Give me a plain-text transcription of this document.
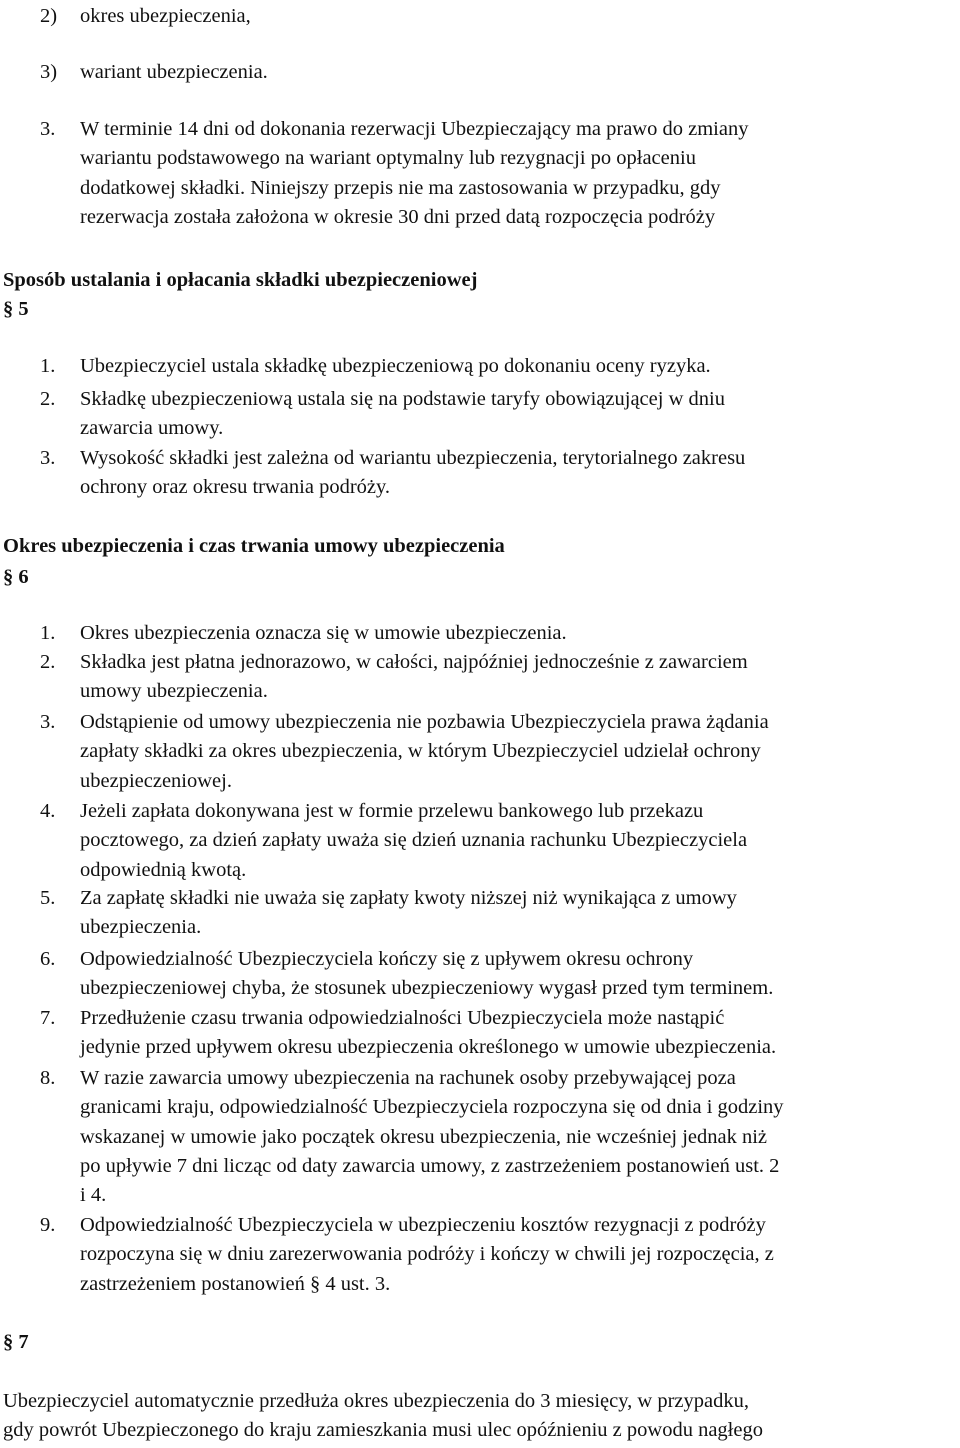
2) okres ubezpieczenia,
3) wariant ubezpieczenia.
3. W terminie 14 dni od dokonania rezerwacji Ubezpieczający ma prawo do zmiany
wariantu podstawowego na wariant optymalny lub rezygnacji po opłaceniu
dodatkowej składki. Niniejszy przepis nie ma zastosowania w przypadku, gdy
rezerwacja została założona w okresie 30 dni przed datą rozpoczęcia podróży
Sposób ustalania i opłacania składki ubezpieczeniowej
§ 5
1. Ubezpieczyciel ustala składkę ubezpieczeniową po dokonaniu oceny ryzyka.
2. Składkę ubezpieczeniową ustala się na podstawie taryfy obowiązującej w dniu
zawarcia umowy.
3. Wysokość składki jest zależna od wariantu ubezpieczenia, terytorialnego zakresu
ochrony oraz okresu trwania podróży.
Okres ubezpieczenia i czas trwania umowy ubezpieczenia
§ 6
1. Okres ubezpieczenia oznacza się w umowie ubezpieczenia.
2. Składka jest płatna jednorazowo, w całości, najpóźniej jednocześnie z zawarciem
umowy ubezpieczenia.
3. Odstąpienie od umowy ubezpieczenia nie pozbawia Ubezpieczyciela prawa żądania
zapłaty składki za okres ubezpieczenia, w którym Ubezpieczyciel udzielał ochrony
ubezpieczeniowej.
4. Jeżeli zapłata dokonywana jest w formie przelewu bankowego lub przekazu
pocztowego, za dzień zapłaty uważa się dzień uznania rachunku Ubezpieczyciela
odpowiednią kwotą.
5. Za zapłatę składki nie uważa się zapłaty kwoty niższej niż wynikająca z umowy
ubezpieczenia.
6. Odpowiedzialność Ubezpieczyciela kończy się z upływem okresu ochrony
ubezpieczeniowej chyba, że stosunek ubezpieczeniowy wygasł przed tym terminem.
7. Przedłużenie czasu trwania odpowiedzialności Ubezpieczyciela może nastąpić
jedynie przed upływem okresu ubezpieczenia określonego w umowie ubezpieczenia.
8. W razie zawarcia umowy ubezpieczenia na rachunek osoby przebywającej poza
granicami kraju, odpowiedzialność Ubezpieczyciela rozpoczyna się od dnia i godziny
wskazanej w umowie jako początek okresu ubezpieczenia, nie wcześniej jednak niż
po upływie 7 dni licząc od daty zawarcia umowy, z zastrzeżeniem postanowień ust. 2
i 4.
9. Odpowiedzialność Ubezpieczyciela w ubezpieczeniu kosztów rezygnacji z podróży
rozpoczyna się w dniu zarezerwowania podróży i kończy w chwili jej rozpoczęcia, z
zastrzeżeniem postanowień § 4 ust. 3.
§ 7
Ubezpieczyciel automatycznie przedłuża okres ubezpieczenia do 3 miesięcy, w przypadku,
gdy powrót Ubezpieczonego do kraju zamieszkania musi ulec opóźnieniu z powodu nagłego
